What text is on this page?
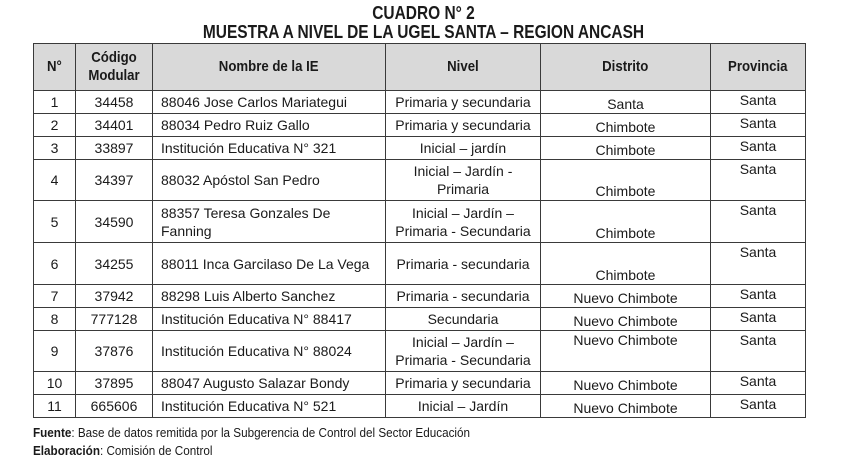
CUADRO N° 2
MUESTRA A NIVEL DE LA UGEL SANTA – REGION ANCASH
N°	Código Modular	Nombre de la IE	Nivel	Distrito	Provincia
1	34458	88046 Jose Carlos Mariategui	Primaria y secundaria	Santa	Santa
2	34401	88034 Pedro Ruiz Gallo	Primaria y secundaria	Chimbote	Santa
3	33897	Institución Educativa N° 321	Inicial – jardín	Chimbote	Santa
4	34397	88032 Apóstol San Pedro	Inicial – Jardín - Primaria	Chimbote	Santa
5	34590	88357 Teresa Gonzales De Fanning	Inicial – Jardín – Primaria - Secundaria	Chimbote	Santa
6	34255	88011 Inca Garcilaso De La Vega	Primaria - secundaria	Chimbote	Santa
7	37942	88298 Luis Alberto Sanchez	Primaria - secundaria	Nuevo Chimbote	Santa
8	777128	Institución Educativa N° 88417	Secundaria	Nuevo Chimbote	Santa
9	37876	Institución Educativa N° 88024	Inicial – Jardín – Primaria - Secundaria	Nuevo Chimbote	Santa
10	37895	88047 Augusto Salazar Bondy	Primaria y secundaria	Nuevo Chimbote	Santa
11	665606	Institución Educativa N° 521	Inicial – Jardín	Nuevo Chimbote	Santa
Fuente: Base de datos remitida por la Subgerencia de Control del Sector Educación
Elaboración: Comisión de Control
